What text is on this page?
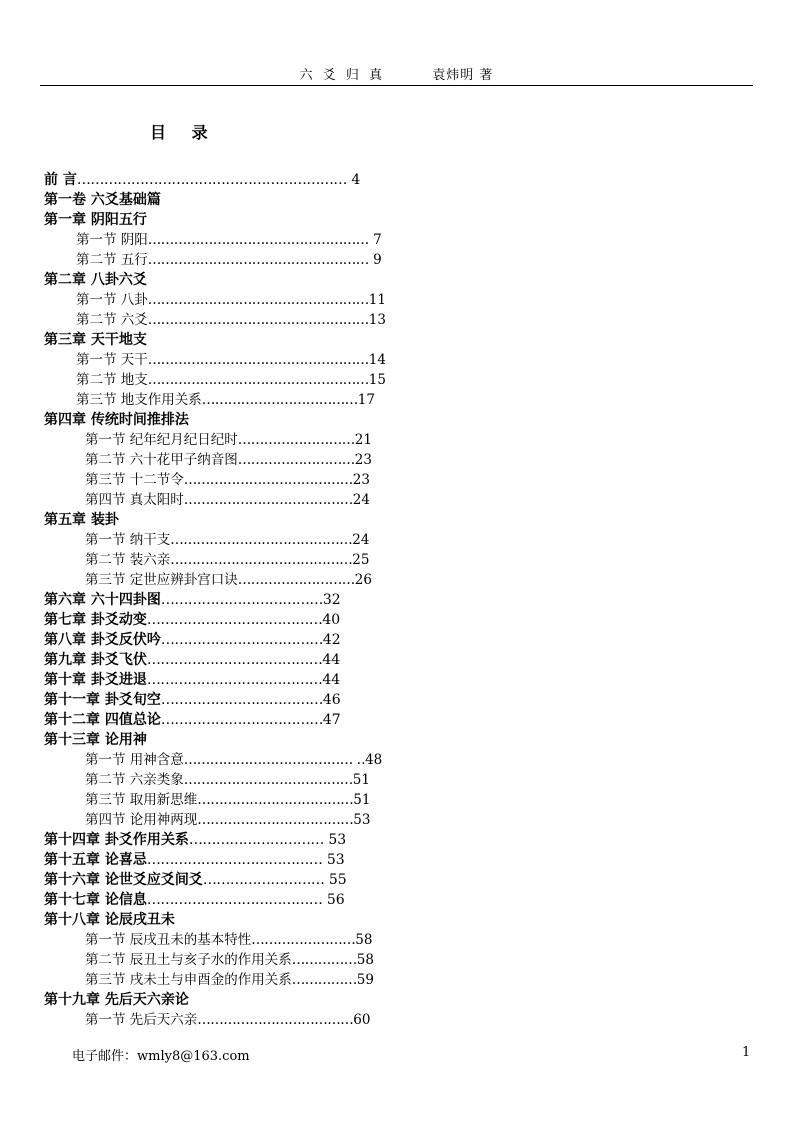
六 爻 归 真	袁炜明 著
目 录
前 言…………………………………………………… 4
第一卷 六爻基础篇
第一章 阴阳五行
第一节 阴阳…………………………………………… 7
第二节 五行…………………………………………… 9
第二章 八卦六爻
第一节 八卦……………………………………………11
第二节 六爻……………………………………………13
第三章 天干地支
第一节 天干……………………………………………14
第二节 地支……………………………………………15
第三节 地支作用关系………………………………17
第四章 传统时间推排法
第一节 纪年纪月纪日纪时………………………21
第二节 六十花甲子纳音图………………………23
第三节 十二节令…………………………………23
第四节 真太阳时…………………………………24
第五章 装卦
第一节 纳干支……………………………………24
第二节 装六亲……………………………………25
第三节 定世应辨卦宫口诀………………………26
第六章 六十四卦图………………………………32
第七章 卦爻动变…………………………………40
第八章 卦爻反伏吟………………………………42
第九章 卦爻飞伏…………………………………44
第十章 卦爻进退…………………………………44
第十一章 卦爻旬空………………………………46
第十二章 四值总论………………………………47
第十三章 论用神
第一节 用神含意………………………………… ‥48
第二节 六亲类象…………………………………51
第三节 取用新思维………………………………51
第四节 论用神两现………………………………53
第十四章 卦爻作用关系………………………… 53
第十五章 论喜忌………………………………… 53
第十六章 论世爻应爻间爻……………………… 55
第十七章 论信息………………………………… 56
第十八章 论辰戌丑未
第一节 辰戌丑未的基本特性……………………58
第二节 辰丑土与亥子水的作用关系……………58
第三节 戌未土与申酉金的作用关系……………59
第十九章 先后天六亲论
第一节 先后天六亲………………………………60
电子邮件：wmly8@163.com	1
